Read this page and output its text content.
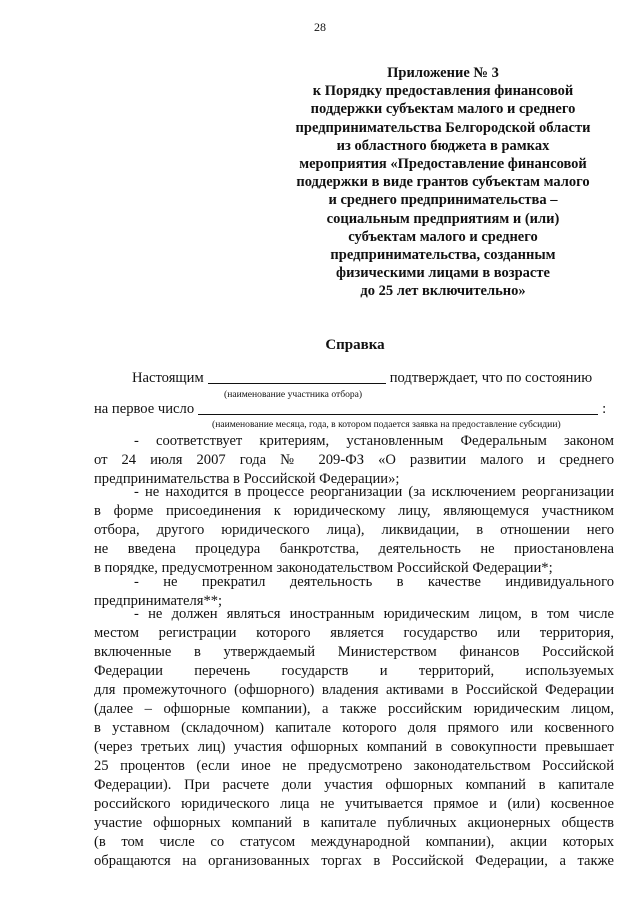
28
Приложение № 3
к Порядку предоставления финансовой
поддержки субъектам малого и среднего
предпринимательства Белгородской области
из областного бюджета в рамках
мероприятия «Предоставление финансовой
поддержки в виде грантов субъектам малого
и среднего предпринимательства –
социальным предприятиям и (или)
субъектам малого и среднего
предпринимательства, созданным
физическими лицами в возрасте
до 25 лет включительно»
Справка
Настоящим	подтверждает, что по состоянию
(наименование участника отбора)
на первое число	:
(наименование месяца, года, в котором подается заявка на предоставление субсидии)
- соответствует критериям, установленным Федеральным законом
от 24 июля 2007 года № 209-ФЗ «О развитии малого и среднего
предпринимательства в Российской Федерации»;
- не находится в процессе реорганизации (за исключением реорганизации
в форме присоединения к юридическому лицу, являющемуся участником
отбора, другого юридического лица), ликвидации, в отношении него
не введена процедура банкротства, деятельность не приостановлена
в порядке, предусмотренном законодательством Российской Федерации*;
- не прекратил деятельность в качестве индивидуального
предпринимателя**;
- не должен являться иностранным юридическим лицом, в том числе
местом регистрации которого является государство или территория,
включенные в утверждаемый Министерством финансов Российской
Федерации перечень государств и территорий, используемых
для промежуточного (офшорного) владения активами в Российской Федерации
(далее – офшорные компании), а также российским юридическим лицом,
в уставном (складочном) капитале которого доля прямого или косвенного
(через третьих лиц) участия офшорных компаний в совокупности превышает
25 процентов (если иное не предусмотрено законодательством Российской
Федерации). При расчете доли участия офшорных компаний в капитале
российского юридического лица не учитывается прямое и (или) косвенное
участие офшорных компаний в капитале публичных акционерных обществ
(в том числе со статусом международной компании), акции которых
обращаются на организованных торгах в Российской Федерации, а также
